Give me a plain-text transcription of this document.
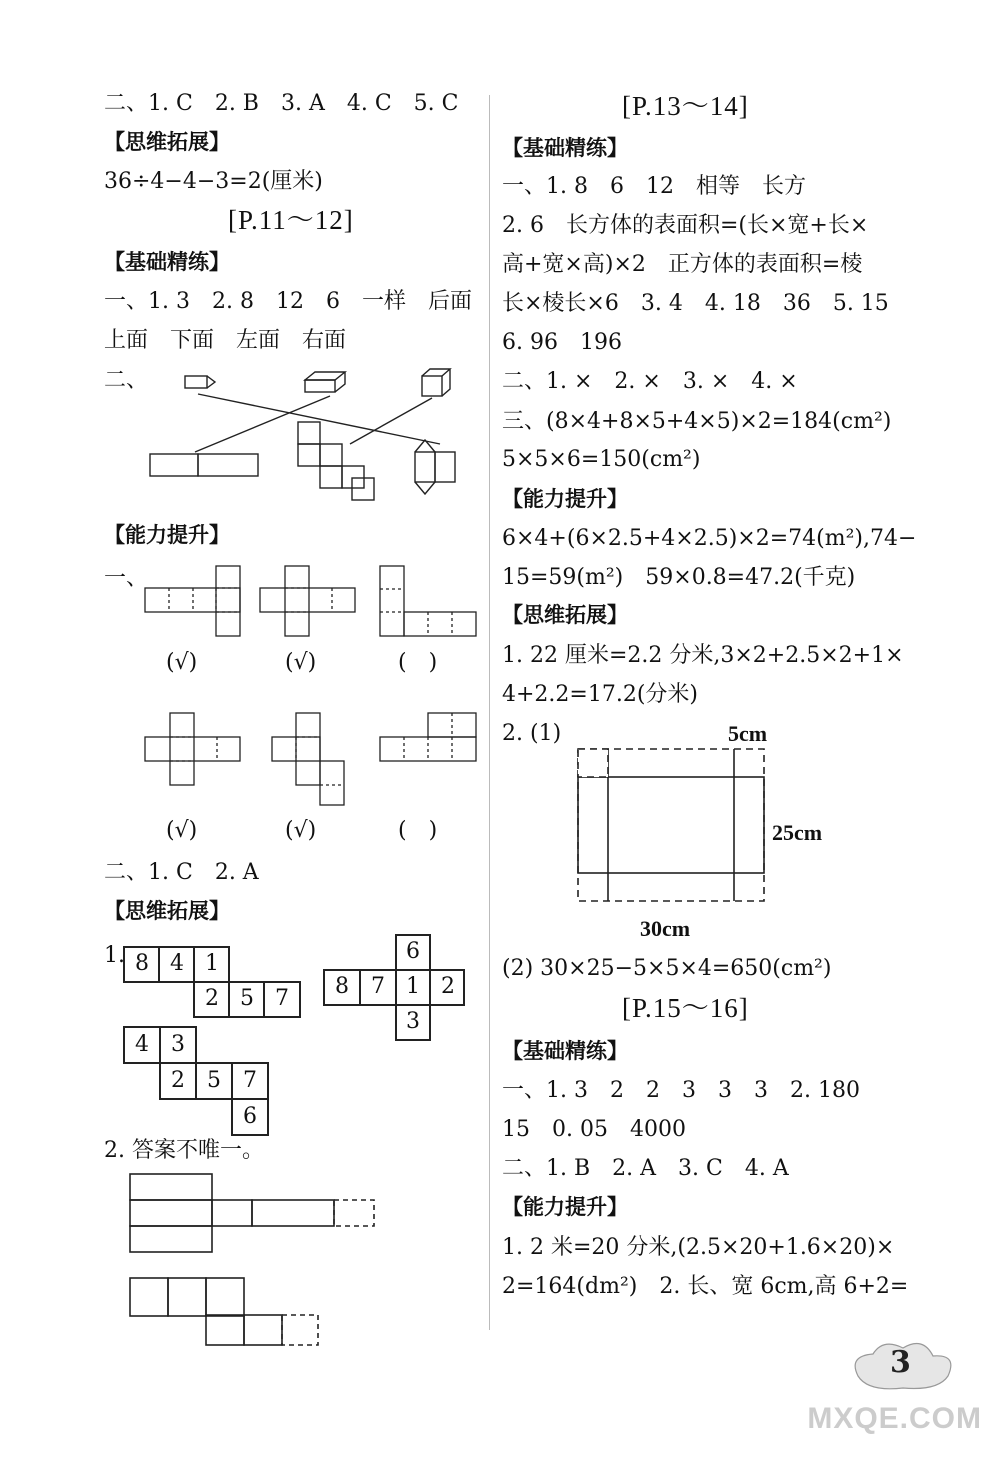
二、1. C　2. B　3. A　4. C　5. C
【思维拓展】
36÷4−4−3=2(厘米)
[P.11～12]
【基础精练】
一、1. 3　2. 8　12　6　一样　后面
上面　下面　左面　右面
二、
【能力提升】
一、
(√)	(√)	(　)
(√)	(√)	(　)
二、1. C　2. A
【思维拓展】
1. 8 4 1
2 5 7
6
8 7 1 2
3
4 3
2 5 7
6
2. 答案不唯一。
[P.13～14]
【基础精练】
一、1. 8　6　12　相等　长方
2. 6　长方体的表面积=(长×宽+长×
高+宽×高)×2　正方体的表面积=棱
长×棱长×6　3. 4　4. 18　36　5. 15
6. 96　196
二、1. ×　2. ×　3. ×　4. ×
三、(8×4+8×5+4×5)×2=184(cm²)
5×5×6=150(cm²)
【能力提升】
6×4+(6×2.5+4×2.5)×2=74(m²),74−
15=59(m²)　59×0.8=47.2(千克)
【思维拓展】
1. 22 厘米=2.2 分米,3×2+2.5×2+1×
4+2.2=17.2(分米)
2. (1)	5cm
25cm
30cm
(2) 30×25−5×5×4=650(cm²)
[P.15～16]
【基础精练】
一、1. 3　2　2　3　3　3　2. 180
15　0. 05　4000
二、1. B　2. A　3. C　4. A
【能力提升】
1. 2 米=20 分米,(2.5×20+1.6×20)×
2=164(dm²)　2. 长、宽 6cm,高 6+2=
3
MXQE.COM
